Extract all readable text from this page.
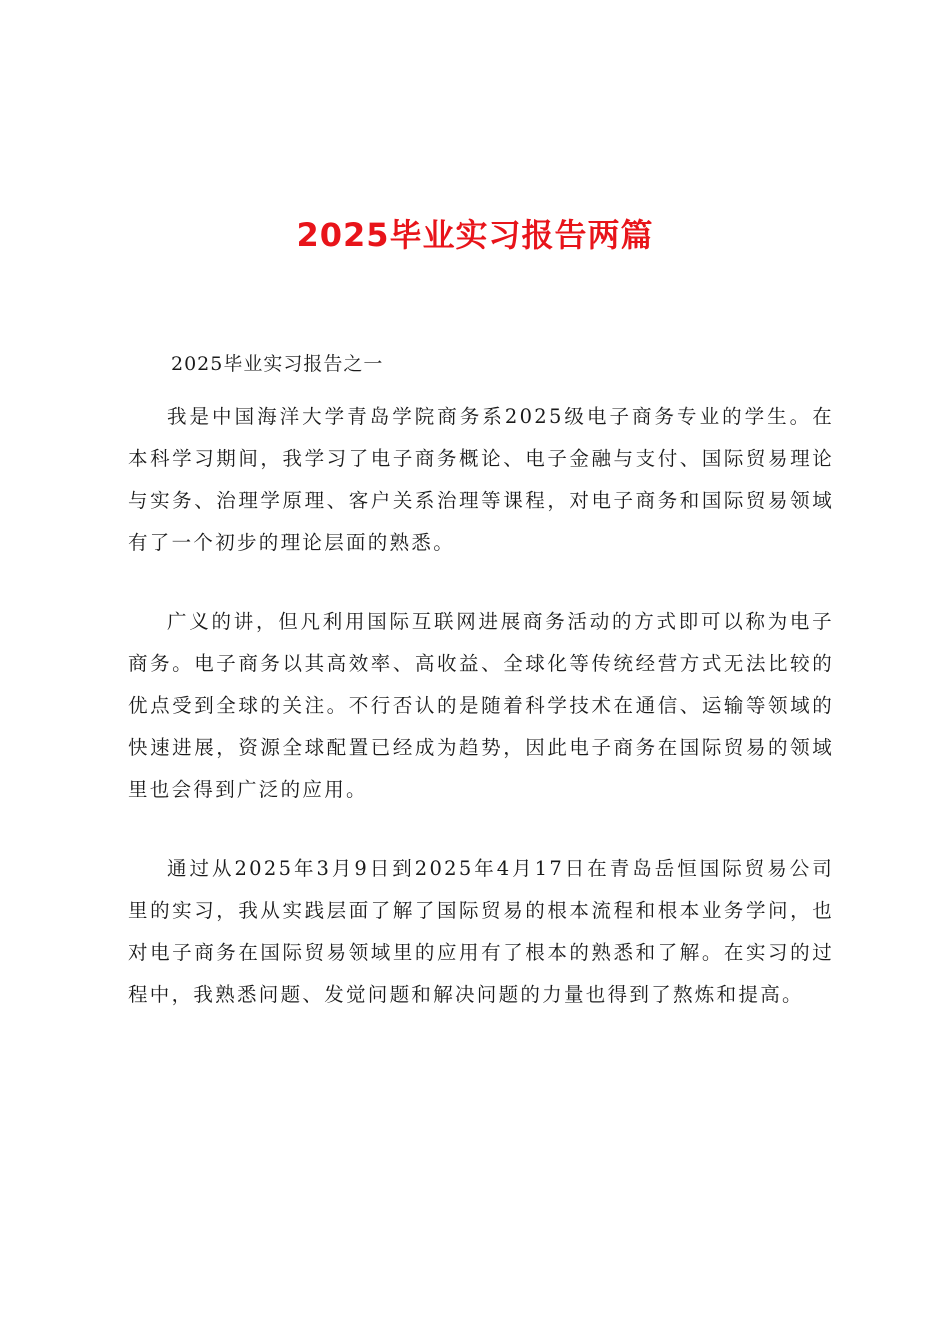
2025毕业实习报告两篇
2025毕业实习报告之一

我是中国海洋大学青岛学院商务系2025级电子商务专业的学生。在本科学习期间，我学习了电子商务概论、电子金融与支付、国际贸易理论与实务、治理学原理、客户关系治理等课程，对电子商务和国际贸易领域有了一个初步的理论层面的熟悉。

广义的讲，但凡利用国际互联网进展商务活动的方式即可以称为电子商务。电子商务以其高效率、高收益、全球化等传统经营方式无法比较的优点受到全球的关注。不行否认的是随着科学技术在通信、运输等领域的快速进展，资源全球配置已经成为趋势，因此电子商务在国际贸易的领域里也会得到广泛的应用。

通过从2025年3月9日到2025年4月17日在青岛岳恒国际贸易公司里的实习，我从实践层面了解了国际贸易的根本流程和根本业务学问，也对电子商务在国际贸易领域里的应用有了根本的熟悉和了解。在实习的过程中，我熟悉问题、发觉问题和解决问题的力量也得到了熬炼和提高。
